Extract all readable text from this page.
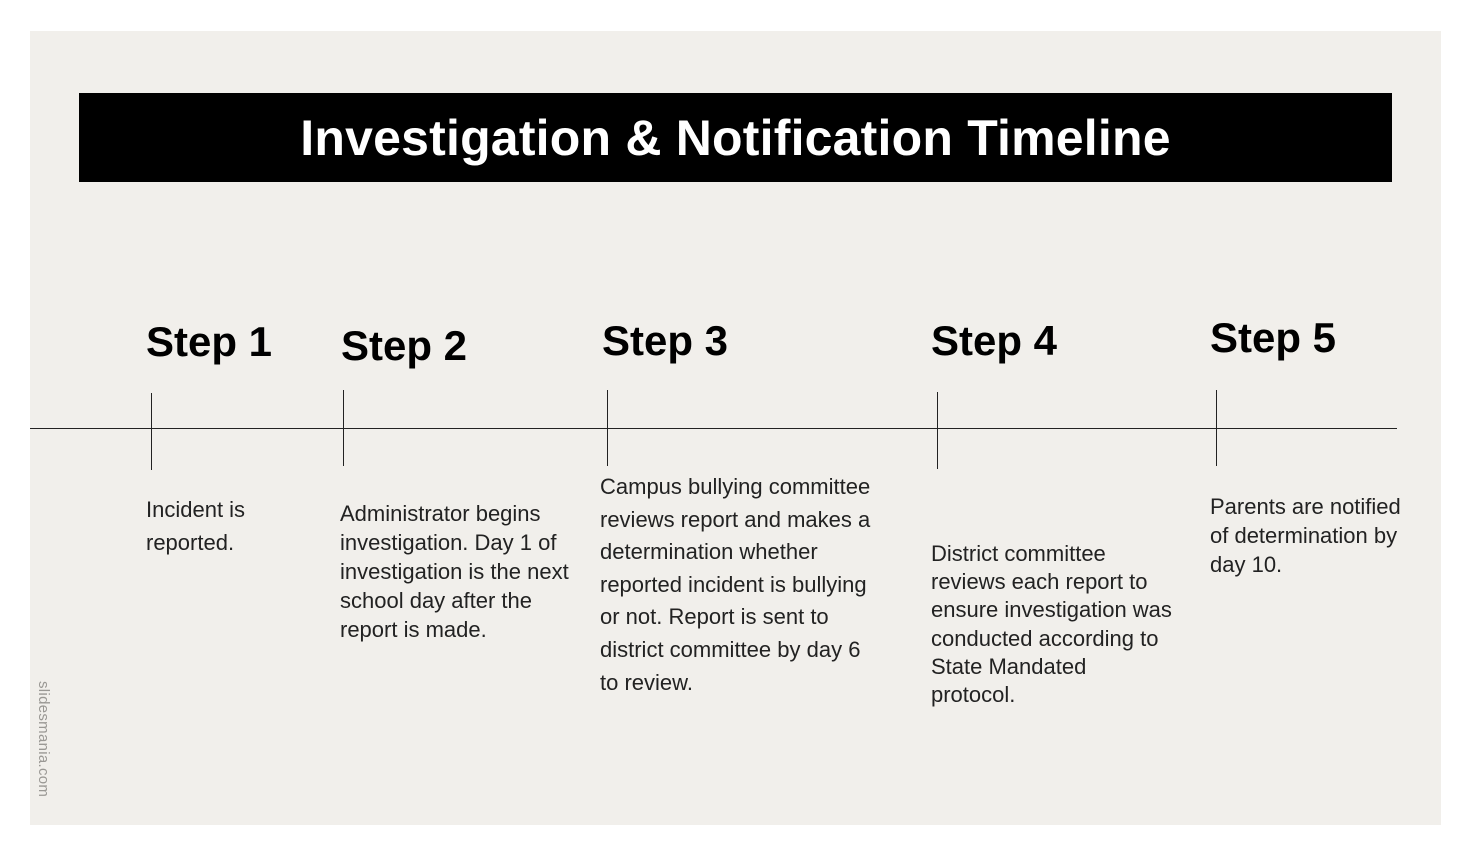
Investigation & Notification Timeline
Step 1

Incident is reported.

Step 2

Administrator begins investigation. Day 1 of investigation is the next school day after the report is made.

Step 3

Campus bullying committee reviews report and makes a determination whether reported incident is bullying or not. Report is sent to district committee by day 6 to review.

Step 4

District committee reviews each report to ensure investigation was conducted according to State Mandated protocol.

Step 5

Parents are notified of determination by day 10.

slidesmania.com
